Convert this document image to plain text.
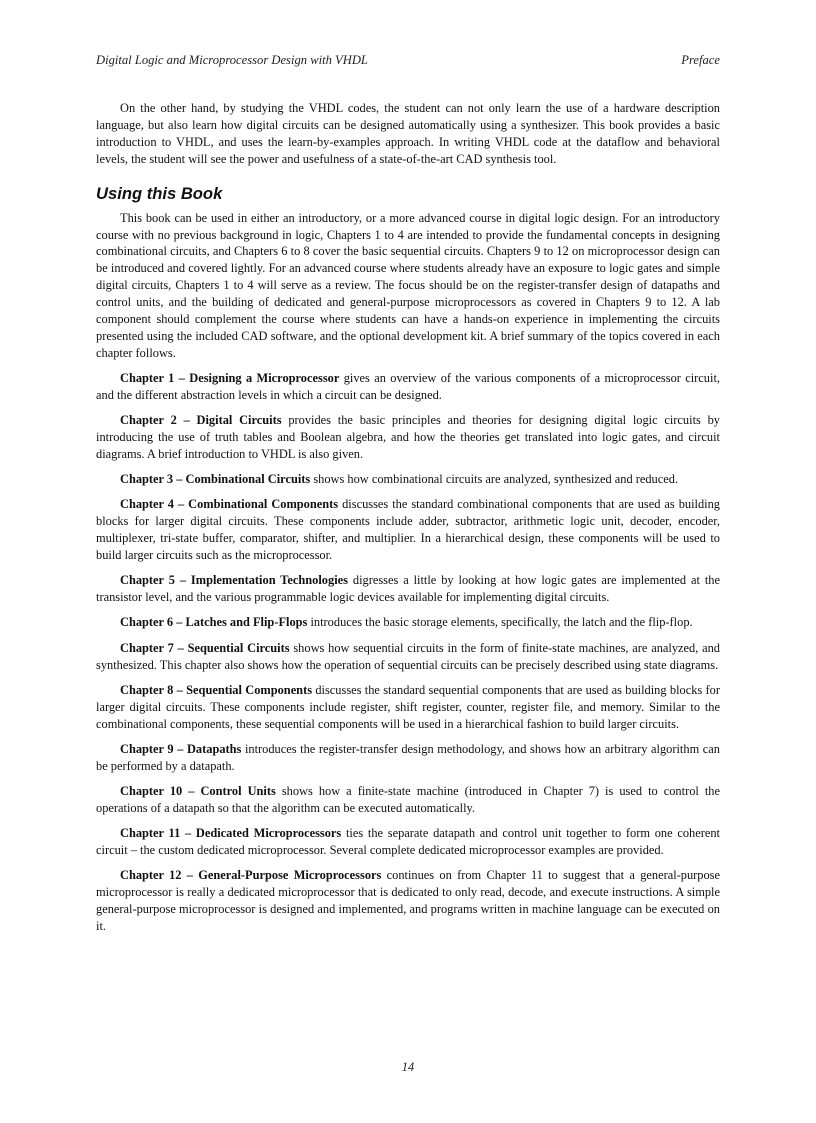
Digital Logic and Microprocessor Design with VHDL	Preface

On the other hand, by studying the VHDL codes, the student can not only learn the use of a hardware description language, but also learn how digital circuits can be designed automatically using a synthesizer. This book provides a basic introduction to VHDL, and uses the learn-by-examples approach. In writing VHDL code at the dataflow and behavioral levels, the student will see the power and usefulness of a state-of-the-art CAD synthesis tool.

Using this Book

This book can be used in either an introductory, or a more advanced course in digital logic design. For an introductory course with no previous background in logic, Chapters 1 to 4 are intended to provide the fundamental concepts in designing combinational circuits, and Chapters 6 to 8 cover the basic sequential circuits. Chapters 9 to 12 on microprocessor design can be introduced and covered lightly. For an advanced course where students already have an exposure to logic gates and simple digital circuits, Chapters 1 to 4 will serve as a review. The focus should be on the register-transfer design of datapaths and control units, and the building of dedicated and general-purpose microprocessors as covered in Chapters 9 to 12. A lab component should complement the course where students can have a hands-on experience in implementing the circuits presented using the included CAD software, and the optional development kit. A brief summary of the topics covered in each chapter follows.

Chapter 1 – Designing a Microprocessor gives an overview of the various components of a microprocessor circuit, and the different abstraction levels in which a circuit can be designed.

Chapter 2 – Digital Circuits provides the basic principles and theories for designing digital logic circuits by introducing the use of truth tables and Boolean algebra, and how the theories get translated into logic gates, and circuit diagrams. A brief introduction to VHDL is also given.

Chapter 3 – Combinational Circuits shows how combinational circuits are analyzed, synthesized and reduced.

Chapter 4 – Combinational Components discusses the standard combinational components that are used as building blocks for larger digital circuits. These components include adder, subtractor, arithmetic logic unit, decoder, encoder, multiplexer, tri-state buffer, comparator, shifter, and multiplier. In a hierarchical design, these components will be used to build larger circuits such as the microprocessor.

Chapter 5 – Implementation Technologies digresses a little by looking at how logic gates are implemented at the transistor level, and the various programmable logic devices available for implementing digital circuits.

Chapter 6 – Latches and Flip-Flops introduces the basic storage elements, specifically, the latch and the flip-flop.

Chapter 7 – Sequential Circuits shows how sequential circuits in the form of finite-state machines, are analyzed, and synthesized. This chapter also shows how the operation of sequential circuits can be precisely described using state diagrams.

Chapter 8 – Sequential Components discusses the standard sequential components that are used as building blocks for larger digital circuits. These components include register, shift register, counter, register file, and memory. Similar to the combinational components, these sequential components will be used in a hierarchical fashion to build larger circuits.

Chapter 9 – Datapaths introduces the register-transfer design methodology, and shows how an arbitrary algorithm can be performed by a datapath.

Chapter 10 – Control Units shows how a finite-state machine (introduced in Chapter 7) is used to control the operations of a datapath so that the algorithm can be executed automatically.

Chapter 11 – Dedicated Microprocessors ties the separate datapath and control unit together to form one coherent circuit – the custom dedicated microprocessor. Several complete dedicated microprocessor examples are provided.

Chapter 12 – General-Purpose Microprocessors continues on from Chapter 11 to suggest that a general-purpose microprocessor is really a dedicated microprocessor that is dedicated to only read, decode, and execute instructions. A simple general-purpose microprocessor is designed and implemented, and programs written in machine language can be executed on it.

14
